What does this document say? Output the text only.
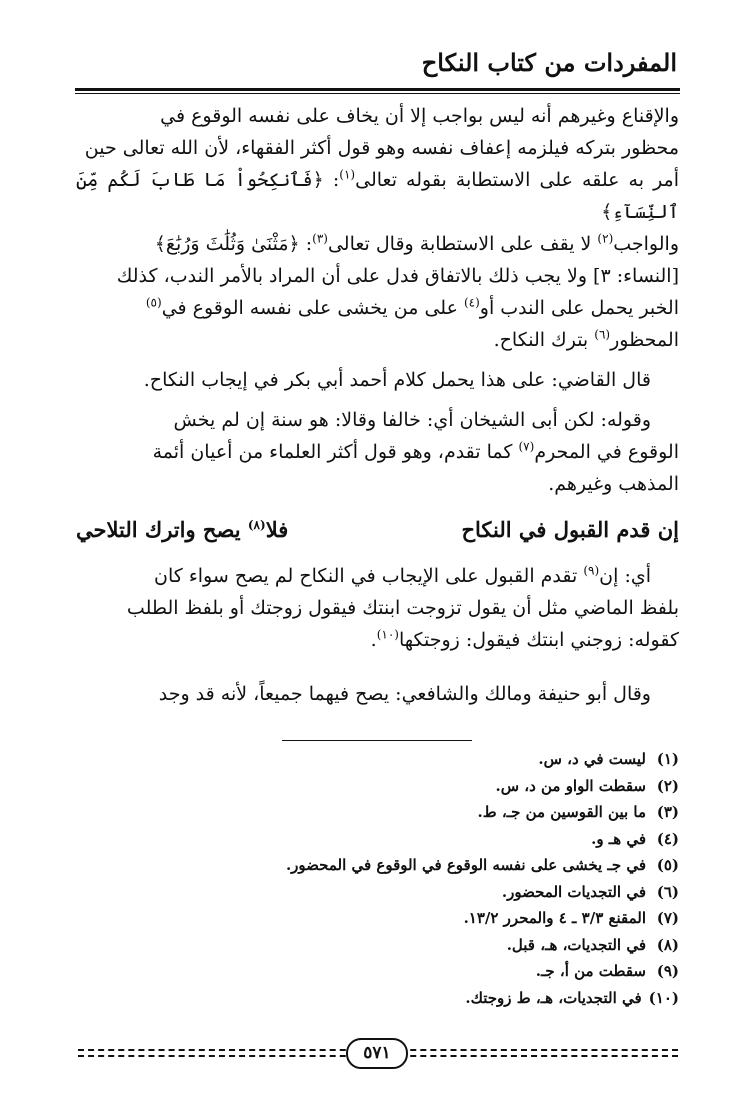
المفردات من كتاب النكاح

والإقناع وغيرهم أنه ليس بواجب إلا أن يخاف على نفسه الوقوع في
محظور بتركه فيلزمه إعفاف نفسه وهو قول أكثر الفقهاء، لأن الله تعالى حين
أمر به علقه على الاستطابة بقوله تعالى$^{(١)}$: ﴿فَٱنكِحُواْ مَا طَابَ لَكُم مِّنَ ٱلنِّسَآءِ﴾
والواجب$^{(٢)}$ لا يقف على الاستطابة وقال تعالى$^{(٣)}$: ﴿مَثْنَىٰ وَثُلَٰثَ وَرُبَٰعَ﴾
[النساء: ٣] ولا يجب ذلك بالاتفاق فدل على أن المراد بالأمر الندب، كذلك
الخبر يحمل على الندب أو$^{(٤)}$ على من يخشى على نفسه الوقوع في$^{(٥)}$
المحظور$^{(٦)}$ بترك النكاح.

قال القاضي: على هذا يحمل كلام أحمد أبي بكر في إيجاب النكاح.

وقوله: لكن أبى الشيخان أي: خالفا وقالا: هو سنة إن لم يخش
الوقوع في المحرم$^{(٧)}$ كما تقدم، وهو قول أكثر العلماء من أعيان أئمة
المذهب وغيرهم.

إن قدم القبول في النكاح
فلا$^{(٨)}$ يصح واترك التلاحي

أي: إن$^{(٩)}$ تقدم القبول على الإيجاب في النكاح لم يصح سواء كان
بلفظ الماضي مثل أن يقول تزوجت ابنتك فيقول زوجتك أو بلفظ الطلب
كقوله: زوجني ابنتك فيقول: زوجتكها$^{(١٠)}$.

وقال أبو حنيفة ومالك والشافعي: يصح فيهما جميعاً، لأنه قد وجد

(١)
ليست في د، س.
(٢)
سقطت الواو من د، س.
(٣)
ما بين القوسين من جـ، ط.
(٤)
في هـ و.
(٥)
في جـ يخشى على نفسه الوقوع في الوقوع في المحضور.
(٦)
في التجديات المحضور.
(٧)
المقنع ٣/٣ ـ ٤ والمحرر ١٣/٢.
(٨)
في التجديات، هـ، قبل.
(٩)
سقطت من أ، جـ.
(١٠)
في التجديات، هـ، ط زوجتك.
٥٧١
